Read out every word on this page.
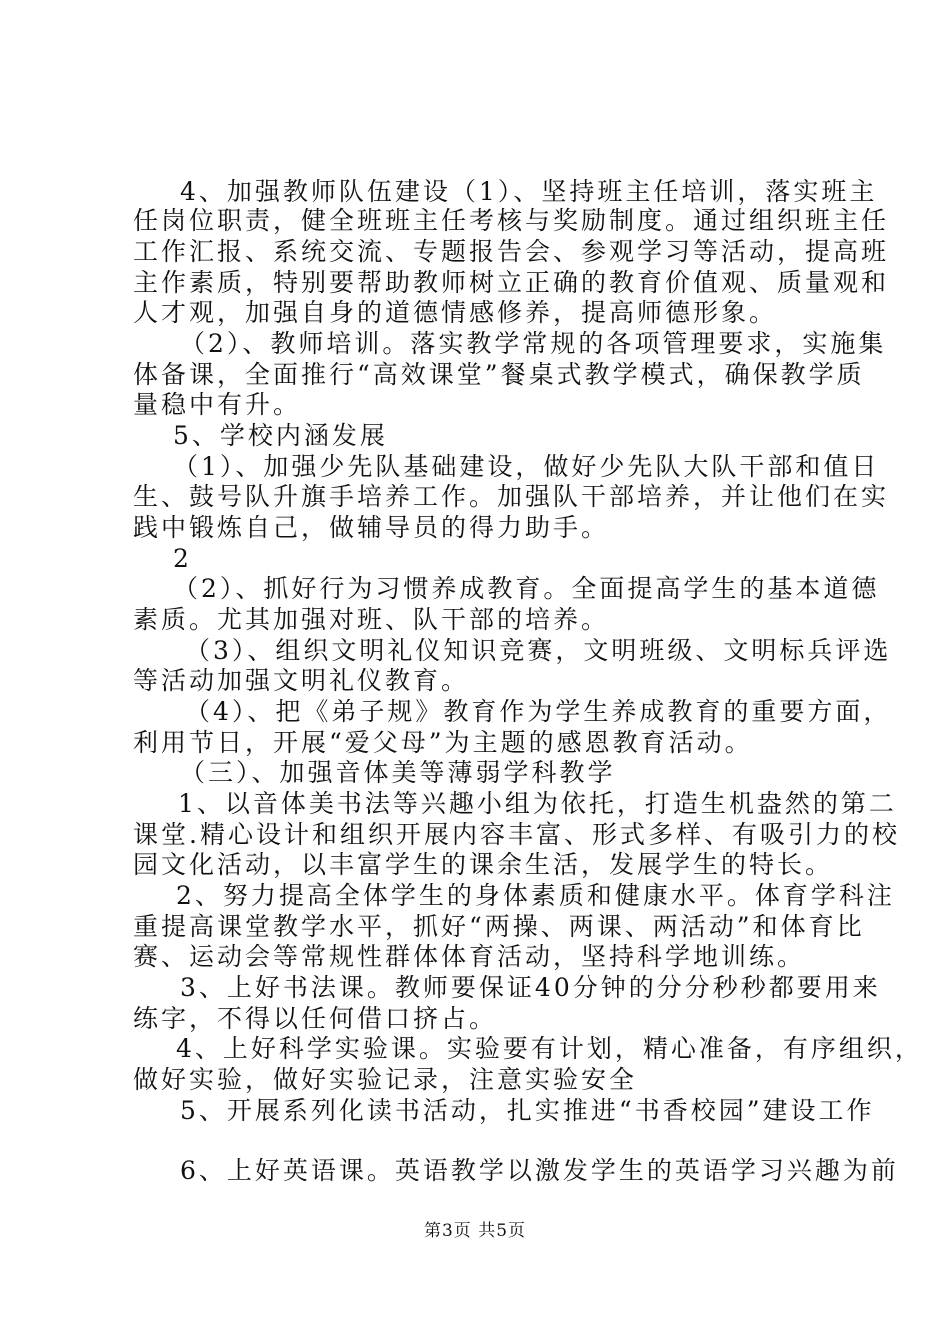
4、加强教师队伍建设（1）、坚持班主任培训，落实班主
任岗位职责，健全班班主任考核与奖励制度。通过组织班主任
工作汇报、系统交流、专题报告会、参观学习等活动，提高班
主作素质，特别要帮助教师树立正确的教育价值观、质量观和
人才观，加强自身的道德情感修养，提高师德形象。
（2）、教师培训。落实教学常规的各项管理要求，实施集
体备课，全面推行“高效课堂”餐桌式教学模式，确保教学质
量稳中有升。
5、学校内涵发展
（1）、加强少先队基础建设，做好少先队大队干部和值日
生、鼓号队升旗手培养工作。加强队干部培养，并让他们在实
践中锻炼自己，做辅导员的得力助手。
2
（2）、抓好行为习惯养成教育。全面提高学生的基本道德
素质。尤其加强对班、队干部的培养。
（3）、组织文明礼仪知识竞赛，文明班级、文明标兵评选
等活动加强文明礼仪教育。
（4）、把《弟子规》教育作为学生养成教育的重要方面，
利用节日，开展“爱父母”为主题的感恩教育活动。
（三）、加强音体美等薄弱学科教学
1、以音体美书法等兴趣小组为依托，打造生机盎然的第二
课堂.精心设计和组织开展内容丰富、形式多样、有吸引力的校
园文化活动，以丰富学生的课余生活，发展学生的特长。
2、努力提高全体学生的身体素质和健康水平。体育学科注
重提高课堂教学水平，抓好“两操、两课、两活动”和体育比
赛、运动会等常规性群体体育活动，坚持科学地训练。
3、上好书法课。教师要保证40分钟的分分秒秒都要用来
练字，不得以任何借口挤占。
4、上好科学实验课。实验要有计划，精心准备，有序组织，
做好实验，做好实验记录，注意实验安全
5、开展系列化读书活动，扎实推进“书香校园”建设工作
6、上好英语课。英语教学以激发学生的英语学习兴趣为前
第3页 共5页
